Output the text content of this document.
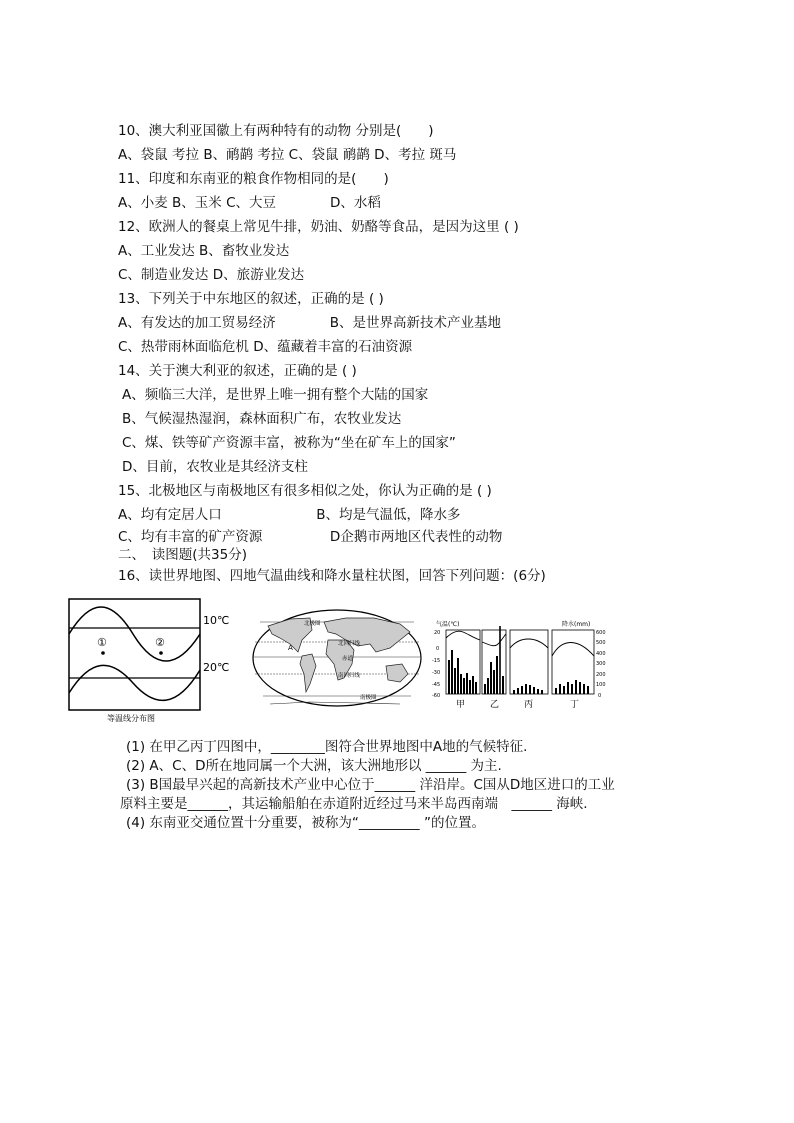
10、澳大利亚国徽上有两种特有的动物 分别是(　　)
A、袋鼠 考拉 B、鸸鹋 考拉 C、袋鼠 鸸鹋 D、考拉 斑马
11、印度和东南亚的粮食作物相同的是(　　)
A、小麦 B、玉米 C、大豆　　　　D、水稻
12、欧洲人的餐桌上常见牛排，奶油、奶酪等食品，是因为这里 ( )
A、工业发达 B、畜牧业发达
C、制造业发达 D、旅游业发达
13、下列关于中东地区的叙述，正确的是 ( )
A、有发达的加工贸易经济　　　　B、是世界高新技术产业基地
C、热带雨林面临危机 D、蕴藏着丰富的石油资源
14、关于澳大利亚的叙述，正确的是 ( )
A、频临三大洋，是世界上唯一拥有整个大陆的国家
B、气候湿热湿润，森林面积广布，农牧业发达
C、煤、铁等矿产资源丰富，被称为“坐在矿车上的国家”
D、目前，农牧业是其经济支柱
15、北极地区与南极地区有很多相似之处，你认为正确的是 ( )
A、均有定居人口　　　　　　　B、均是气温低，降水多
C、均有丰富的矿产资源　　　　　D企鹅市两地区代表性的动物
二、　读图题(共35分)
16、读世界地图、四地气温曲线和降水量柱状图，回答下列问题：(6分)
①	②
10℃
20℃
等温线分布图
北极圈
北回归线
赤道
南回归线
南极圈
A
气温(℃)	降水(mm)
20
0
-15
-30
-45
-60
600
500
400
300
200
100
0
甲	乙	丙	丁
(1) 在甲乙丙丁四图中，________图符合世界地图中A地的气候特征.
(2) A、C、D所在地同属一个大洲，该大洲地形以 ______ 为主.
(3) B国最早兴起的高新技术产业中心位于______ 洋沿岸。C国从D地区进口的工业
原料主要是______，其运输船舶在赤道附近经过马来半岛西南端　______ 海峡.
(4) 东南亚交通位置十分重要，被称为“_________ ”的位置。
